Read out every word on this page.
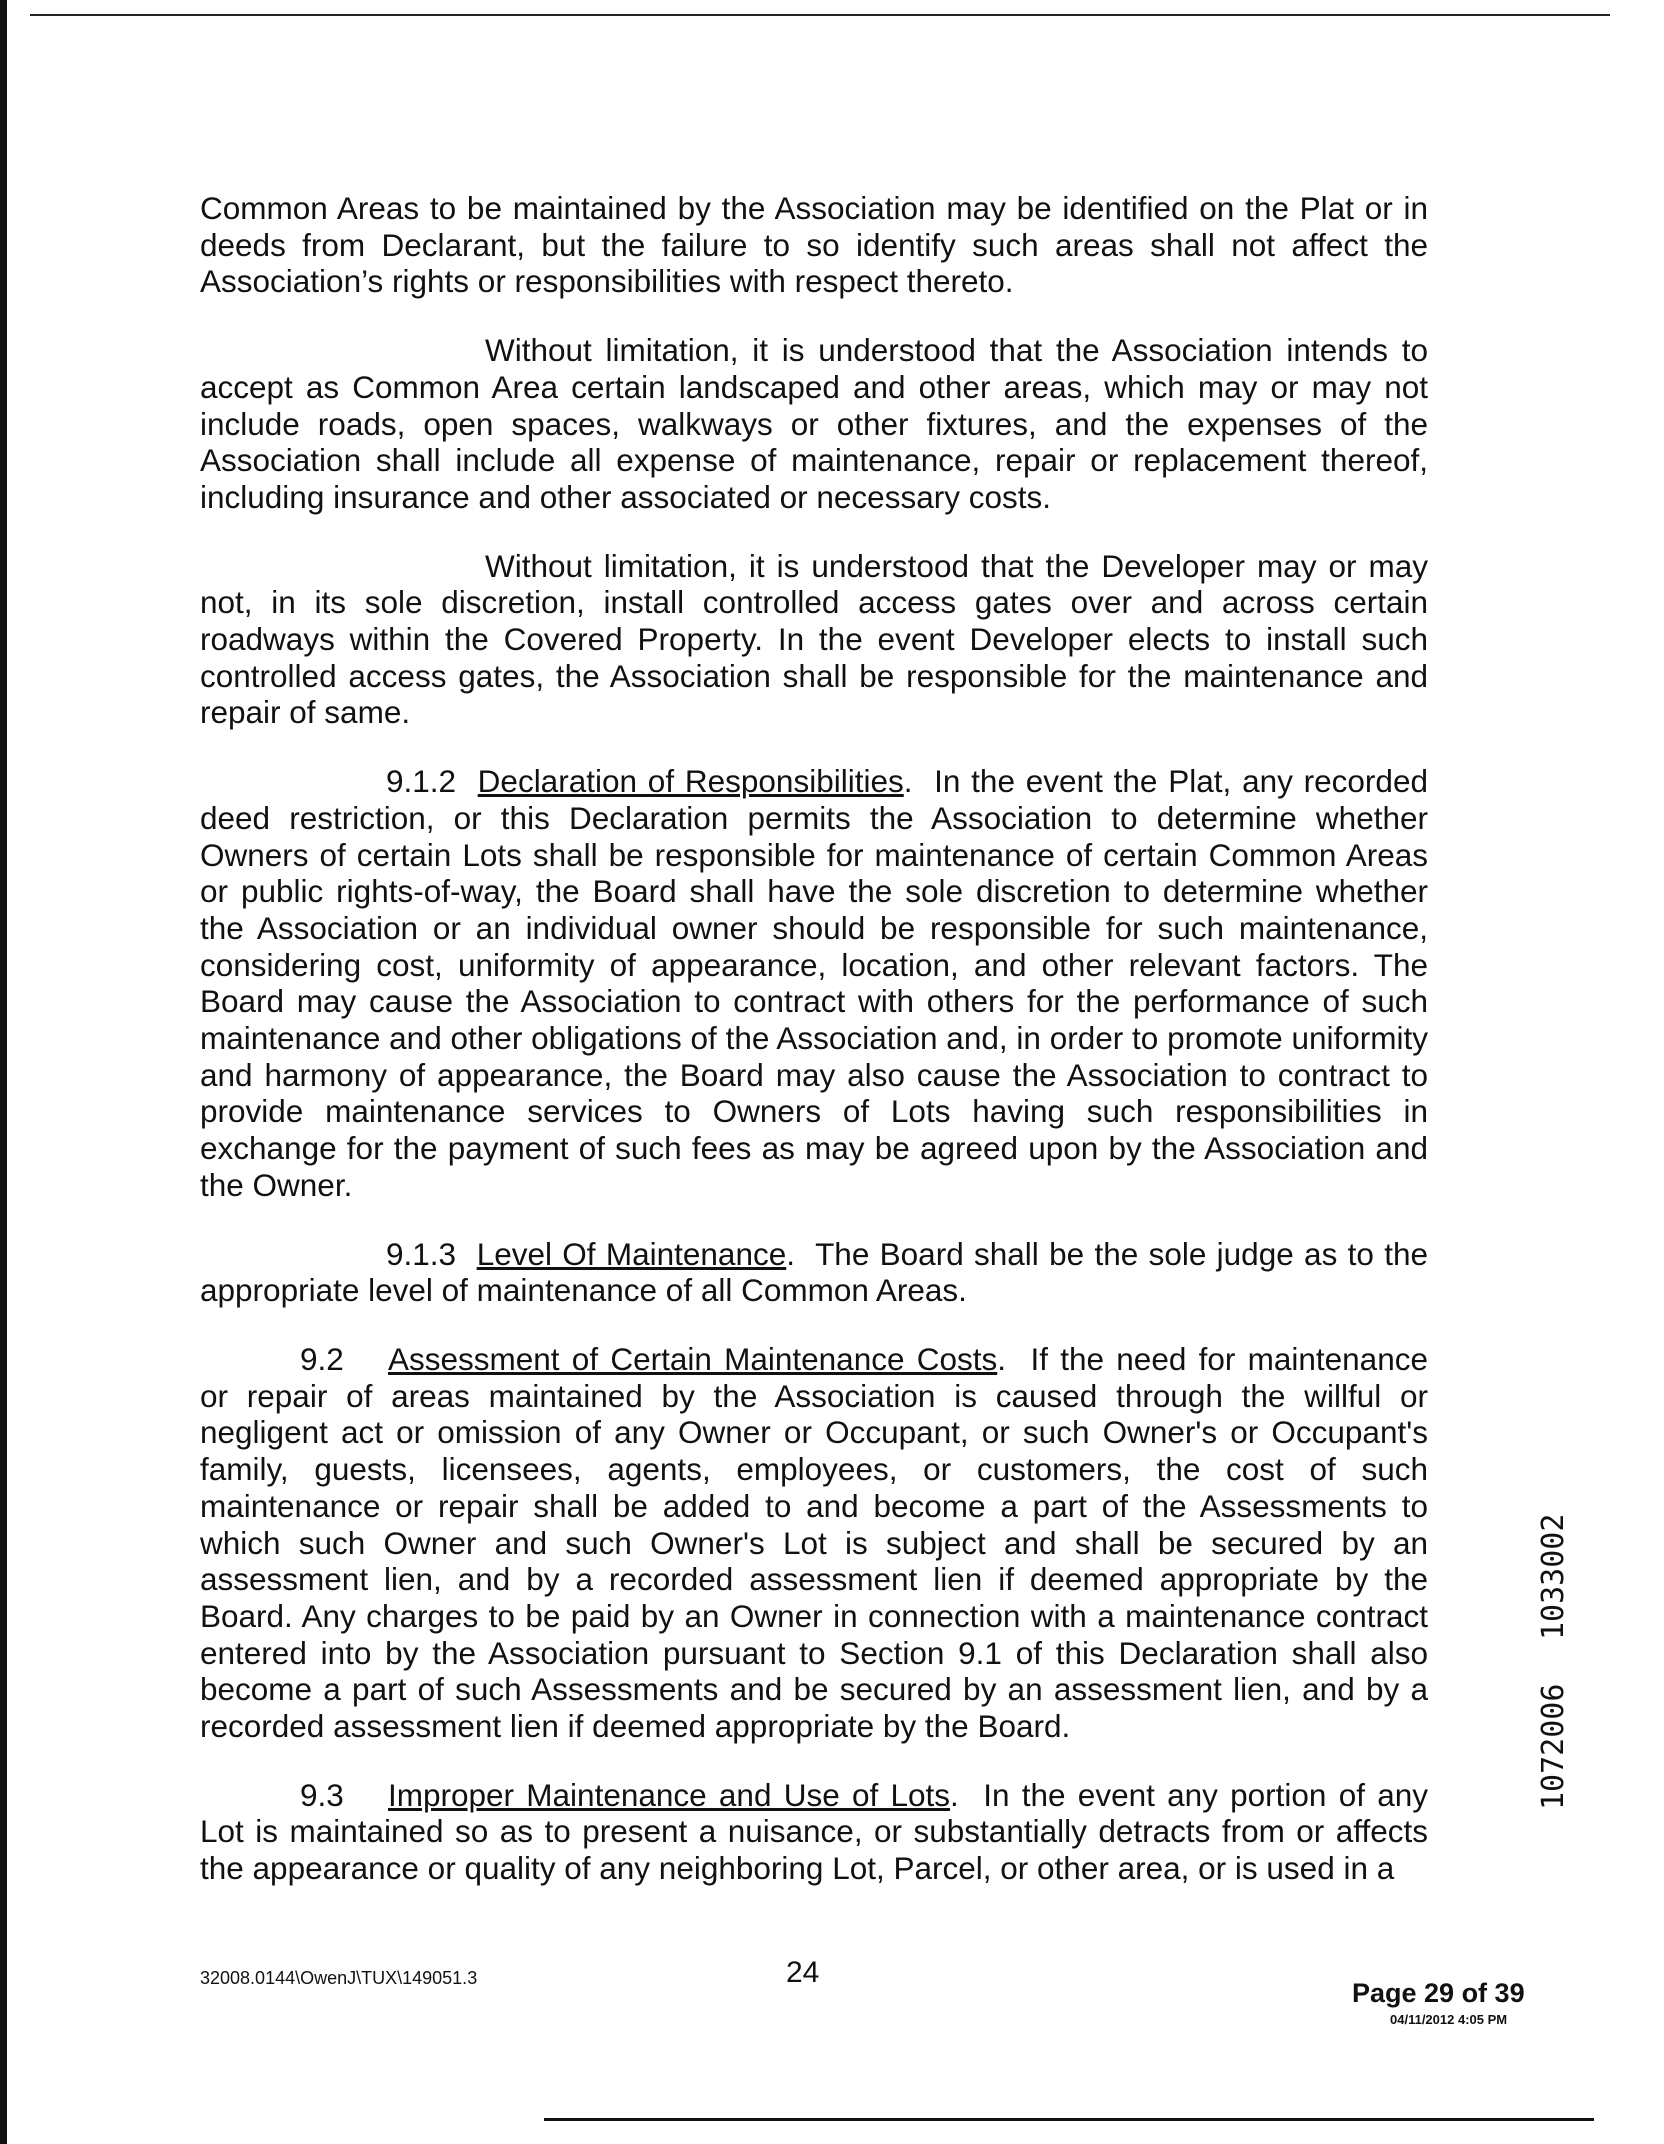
Common Areas to be maintained by the Association may be identified on the Plat or in deeds from Declarant, but the failure to so identify such areas shall not affect the Association’s rights or responsibilities with respect thereto.

Without limitation, it is understood that the Association intends to accept as Common Area certain landscaped and other areas, which may or may not include roads, open spaces, walkways or other fixtures, and the expenses of the Association shall include all expense of maintenance, repair or replacement thereof, including insurance and other associated or necessary costs.

Without limitation, it is understood that the Developer may or may not, in its sole discretion, install controlled access gates over and across certain roadways within the Covered Property. In the event Developer elects to install such controlled access gates, the Association shall be responsible for the maintenance and repair of same.

9.1.2 Declaration of Responsibilities.  In the event the Plat, any recorded deed restriction, or this Declaration permits the Association to determine whether Owners of certain Lots shall be responsible for maintenance of certain Common Areas or public rights-of-way, the Board shall have the sole discretion to determine whether the Association or an individual owner should be responsible for such maintenance, considering cost, uniformity of appearance, location, and other relevant factors. The Board may cause the Association to contract with others for the performance of such maintenance and other obligations of the Association and, in order to promote uniformity and harmony of appearance, the Board may also cause the Association to contract to provide maintenance services to Owners of Lots having such responsibilities in exchange for the payment of such fees as may be agreed upon by the Association and the Owner.

9.1.3 Level Of Maintenance.  The Board shall be the sole judge as to the appropriate level of maintenance of all Common Areas.

9.2 Assessment of Certain Maintenance Costs.  If the need for maintenance or repair of areas maintained by the Association is caused through the willful or negligent act or omission of any Owner or Occupant, or such Owner's or Occupant's family, guests, licensees, agents, employees, or customers, the cost of such maintenance or repair shall be added to and become a part of the Assessments to which such Owner and such Owner's Lot is subject and shall be secured by an assessment lien, and by a recorded assessment lien if deemed appropriate by the Board. Any charges to be paid by an Owner in connection with a maintenance contract entered into by the Association pursuant to Section 9.1 of this Declaration shall also become a part of such Assessments and be secured by an assessment lien, and by a recorded assessment lien if deemed appropriate by the Board.

9.3 Improper Maintenance and Use of Lots.  In the event any portion of any Lot is maintained so as to present a nuisance, or substantially detracts from or affects the appearance or quality of any neighboring Lot, Parcel, or other area, or is used in a

1033002
1072006
32008.0144\OwenJ\TUX\149051.3	24
Page 29 of 39
04/11/2012 4:05 PM
